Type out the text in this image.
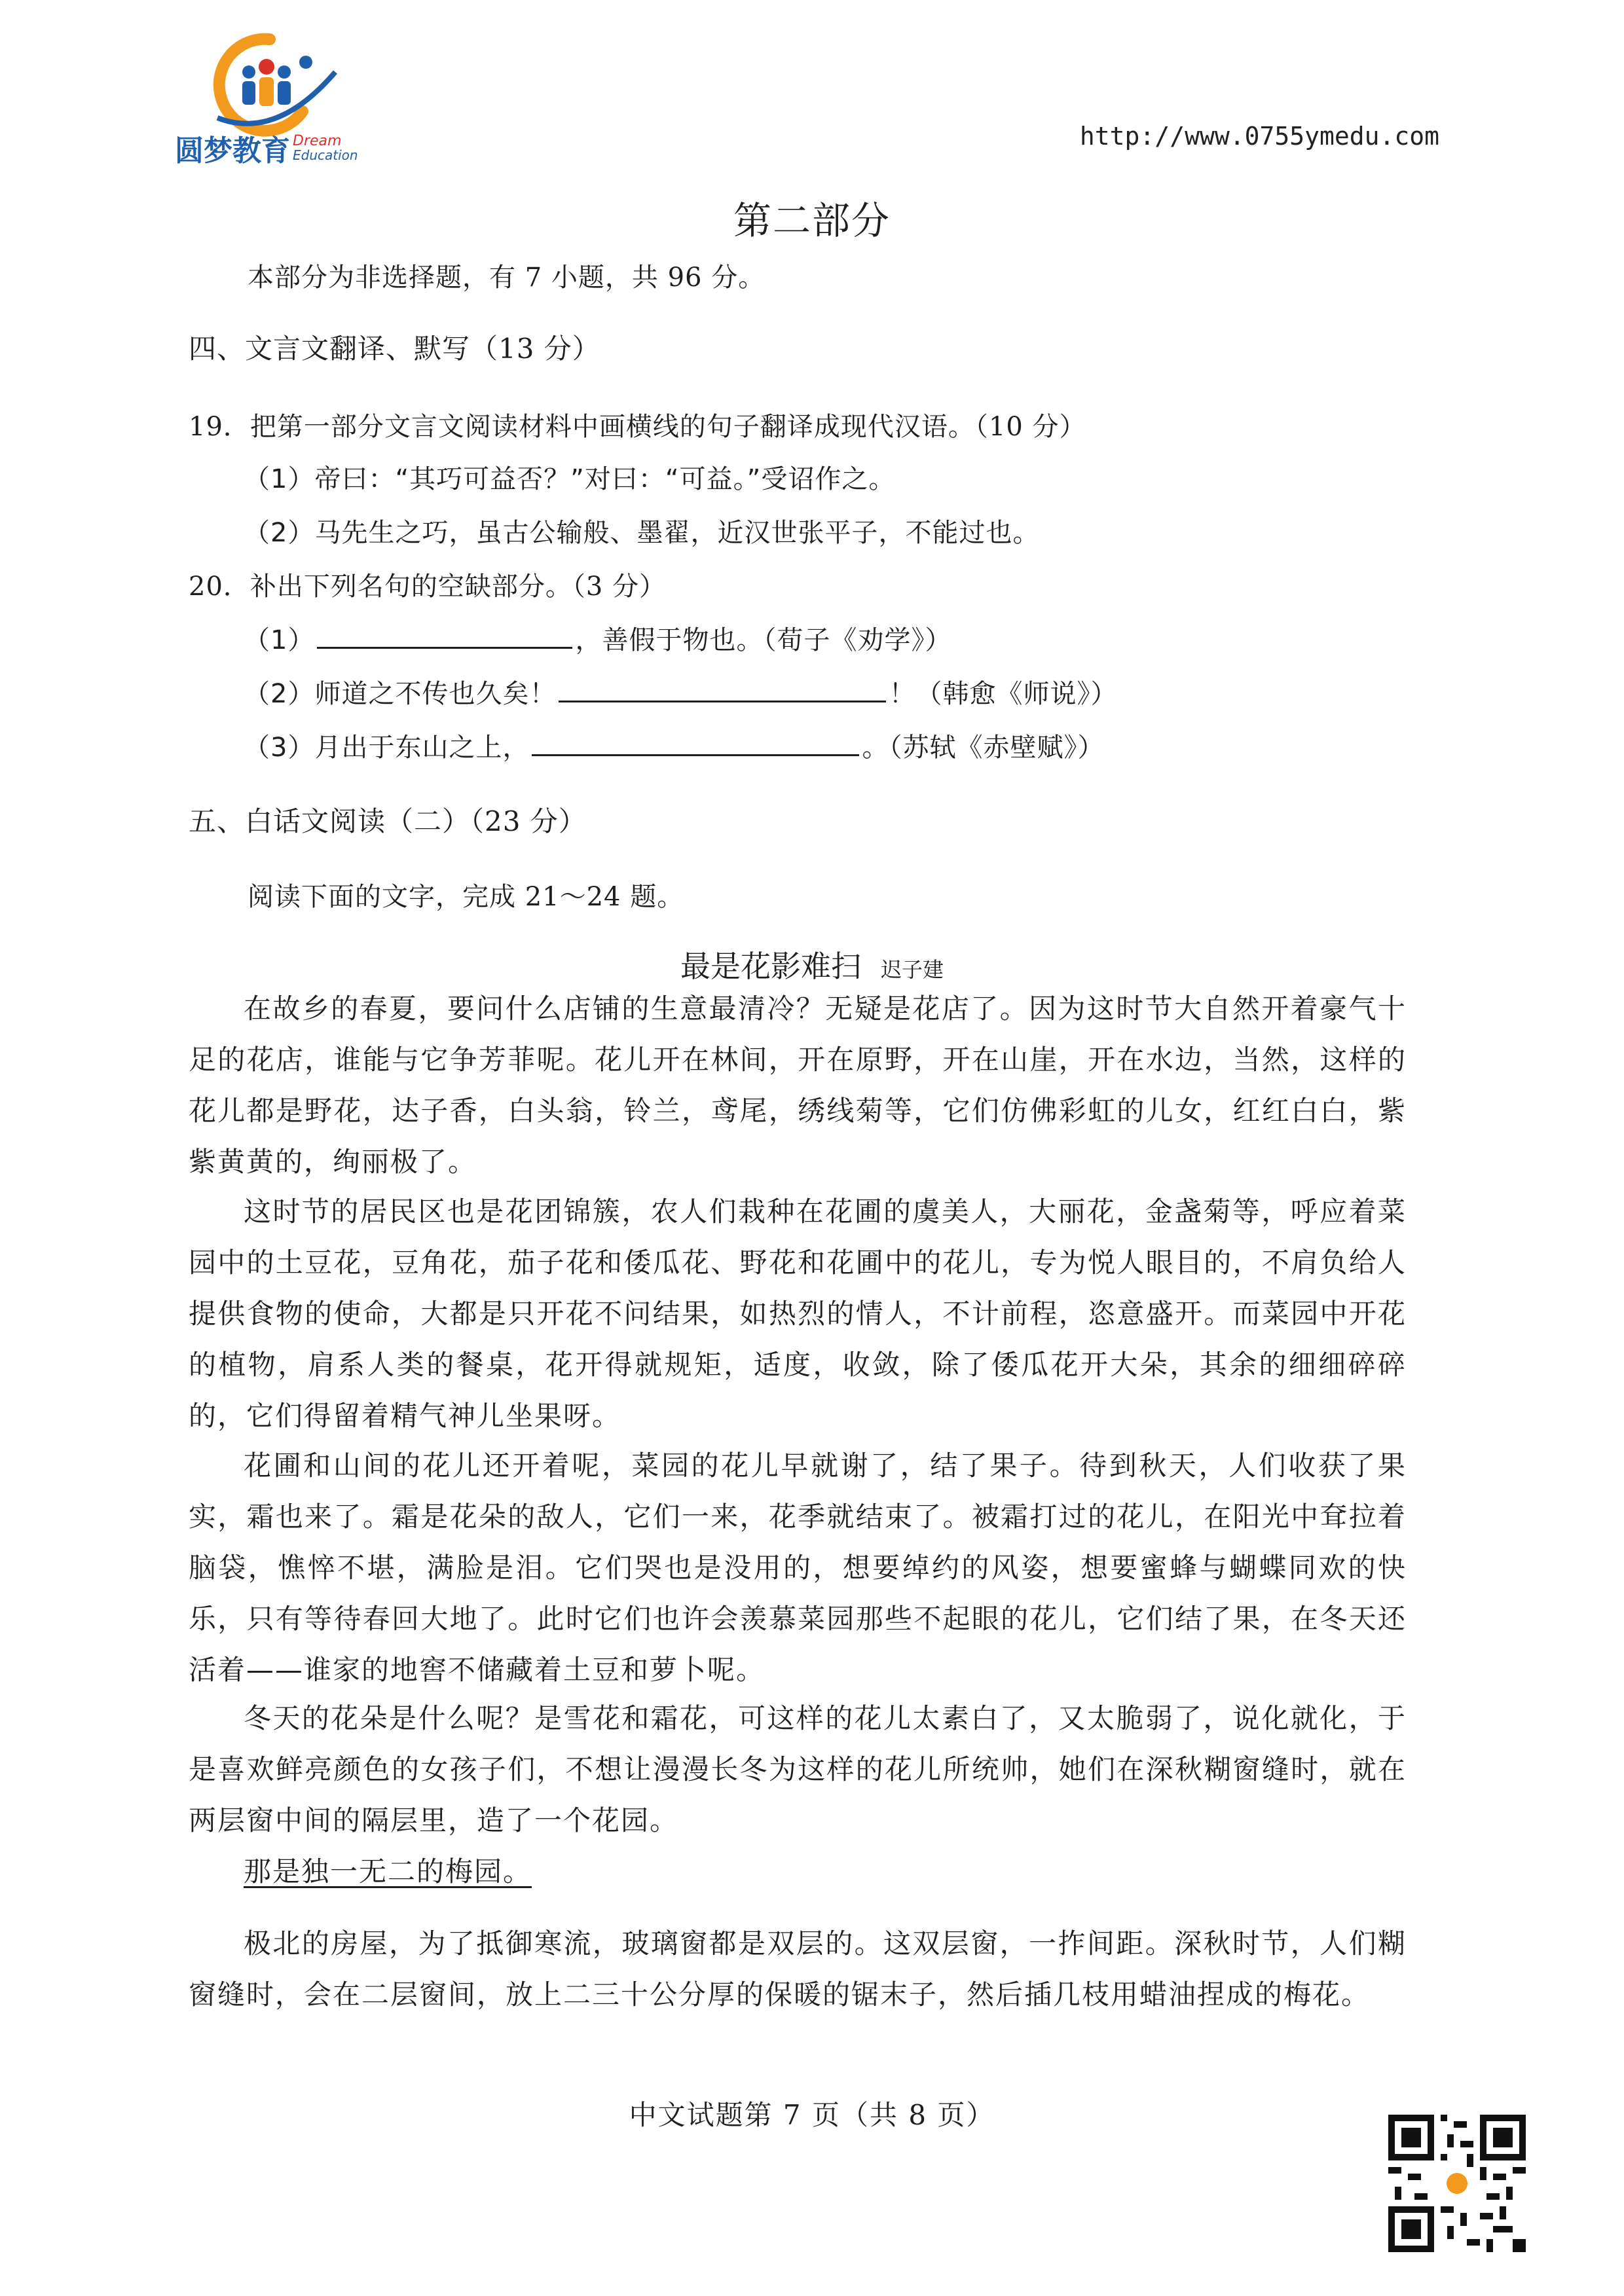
圆梦教育 Dream
Education
http://www.0755ymedu.com
第二部分
本部分为非选择题，有 7 小题，共 96 分。
四、文言文翻译、默写（13 分）
19．把第一部分文言文阅读材料中画横线的句子翻译成现代汉语。（10 分）
（1）帝曰：“其巧可益否？”对曰：“可益。”受诏作之。
（2）马先生之巧，虽古公输般、墨翟，近汉世张平子，不能过也。
20．补出下列名句的空缺部分。（3 分）
（1）	，善假于物也。（荀子《劝学》）
（2）师道之不传也久矣！	！（韩愈《师说》）
（3）月出于东山之上，	。（苏轼《赤壁赋》）
五、白话文阅读（二）（23 分）
阅读下面的文字，完成 21～24 题。
最是花影难扫 迟子建

在故乡的春夏，要问什么店铺的生意最清冷？无疑是花店了。因为这时节大自然开着豪气十足的花店，谁能与它争芳菲呢。花儿开在林间，开在原野，开在山崖，开在水边，当然，这样的花儿都是野花，达子香，白头翁，铃兰，鸢尾，绣线菊等，它们仿佛彩虹的儿女，红红白白，紫紫黄黄的，绚丽极了。

这时节的居民区也是花团锦簇，农人们栽种在花圃的虞美人，大丽花，金盏菊等，呼应着菜园中的土豆花，豆角花，茄子花和倭瓜花、野花和花圃中的花儿，专为悦人眼目的，不肩负给人提供食物的使命，大都是只开花不问结果，如热烈的情人，不计前程，恣意盛开。而菜园中开花的植物，肩系人类的餐桌，花开得就规矩，适度，收敛，除了倭瓜花开大朵，其余的细细碎碎的，它们得留着精气神儿坐果呀。

花圃和山间的花儿还开着呢，菜园的花儿早就谢了，结了果子。待到秋天，人们收获了果实，霜也来了。霜是花朵的敌人，它们一来，花季就结束了。被霜打过的花儿，在阳光中耷拉着脑袋，憔悴不堪，满脸是泪。它们哭也是没用的，想要绰约的风姿，想要蜜蜂与蝴蝶同欢的快乐，只有等待春回大地了。此时它们也许会羡慕菜园那些不起眼的花儿，它们结了果，在冬天还活着——谁家的地窖不储藏着土豆和萝卜呢。

冬天的花朵是什么呢？是雪花和霜花，可这样的花儿太素白了，又太脆弱了，说化就化，于是喜欢鲜亮颜色的女孩子们，不想让漫漫长冬为这样的花儿所统帅，她们在深秋糊窗缝时，就在两层窗中间的隔层里，造了一个花园。

那是独一无二的梅园。

极北的房屋，为了抵御寒流，玻璃窗都是双层的。这双层窗，一拃间距。深秋时节，人们糊窗缝时，会在二层窗间，放上二三十公分厚的保暖的锯末子，然后插几枝用蜡油捏成的梅花。

中文试题第 7 页（共 8 页）
